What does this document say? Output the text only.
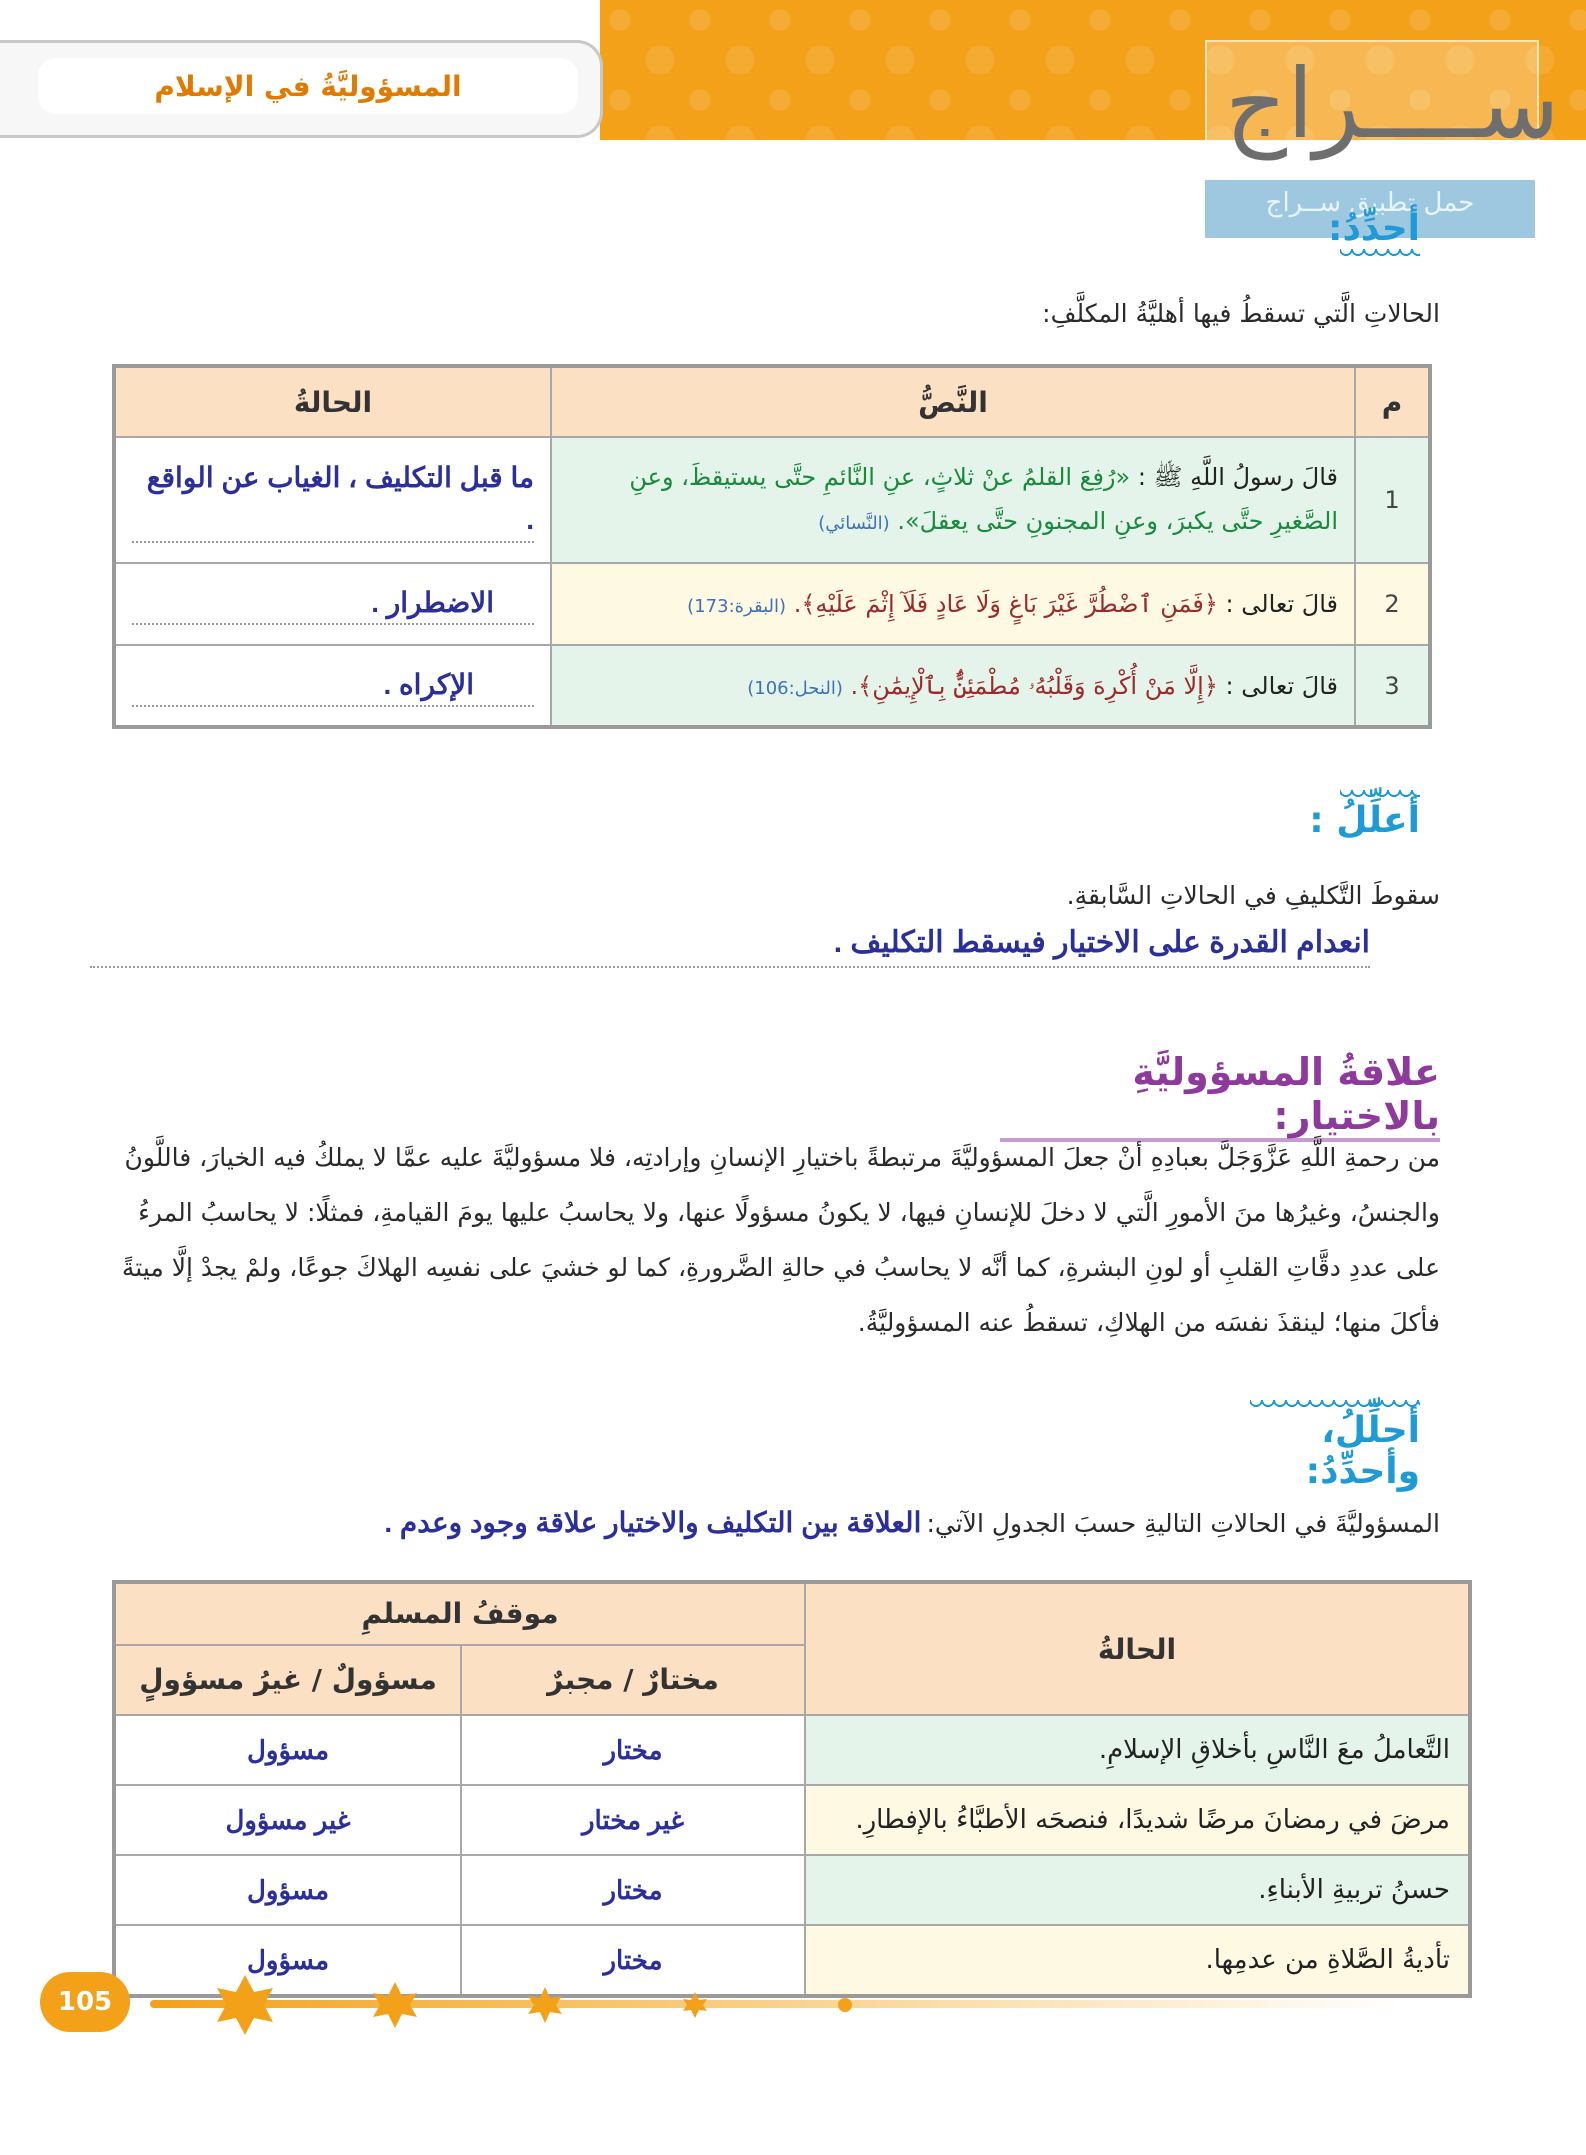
المسؤوليَّةُ في الإسلام	ســــراج
حمل تطبيق ســراج
أحدِّدُ:
الحالاتِ الَّتي تسقطُ فيها أهليَّةُ المكلَّفِ:
م	النَّصُّ	الحالةُ
1	قالَ رسولُ اللَّهِ ﷺ : «رُفِعَ القلمُ عنْ ثلاثٍ، عنِ النَّائمِ حتَّى يستيقظَ، وعنِ الصَّغيرِ حتَّى يكبرَ، وعنِ المجنونِ حتَّى يعقلَ». (النَّسائي)	ما قبل التكليف ، الغياب عن الواقع .

2	قالَ تعالى : ﴿فَمَنِ ٱضْطُرَّ غَيْرَ بَاغٍ وَلَا عَادٍ فَلَآ إِثْمَ عَلَيْهِ﴾. (البقرة:173)	الاضطرار .

3	قالَ تعالى : ﴿إِلَّا مَنْ أُكْرِهَ وَقَلْبُهُۥ مُطْمَئِنٌّۢ بِٱلْإِيمَٰنِ﴾. (النحل:106)	الإكراه .
أعلِّلُ :
سقوطَ التَّكليفِ في الحالاتِ السَّابقةِ.
انعدام القدرة على الاختيار فيسقط التكليف .
علاقةُ المسؤوليَّةِ بالاختيار:
من رحمةِ اللَّهِ عَزَّوَجَلَّ بعبادِهِ أنْ جعلَ المسؤوليَّةَ مرتبطةً باختيارِ الإنسانِ وإرادتِه، فلا مسؤوليَّةَ عليه عمَّا لا يملكُ فيه الخيارَ، فاللَّونُ والجنسُ، وغيرُها منَ الأمورِ الَّتي لا دخلَ للإنسانِ فيها، لا يكونُ مسؤولًا عنها، ولا يحاسبُ عليها يومَ القيامةِ، فمثلًا: لا يحاسبُ المرءُ على عددِ دقَّاتِ القلبِ أو لونِ البشرةِ، كما أنَّه لا يحاسبُ في حالةِ الضَّرورةِ، كما لو خشيَ على نفسِه الهلاكَ جوعًا، ولمْ يجدْ إلَّا ميتةً فأكلَ منها؛ لينقذَ نفسَه من الهلاكِ، تسقطُ عنه المسؤوليَّةُ.
أحلِّلُ، وأحدِّدُ:
المسؤوليَّةَ في الحالاتِ التاليةِ حسبَ الجدولِ الآتي: العلاقة بين التكليف والاختيار علاقة وجود وعدم .
الحالةُ	موقفُ المسلمِ	
	مختارٌ / مجبرٌ	مسؤولٌ / غيرُ مسؤولٍ
التَّعاملُ معَ النَّاسِ بأخلاقِ الإسلامِ.	مختار	مسؤول
مرضَ في رمضانَ مرضًا شديدًا، فنصحَه الأطبَّاءُ بالإفطارِ.	غير مختار	غير مسؤول
حسنُ تربيةِ الأبناءِ.	مختار	مسؤول
تأديةُ الصَّلاةِ من عدمِها.	مختار	مسؤول
105
